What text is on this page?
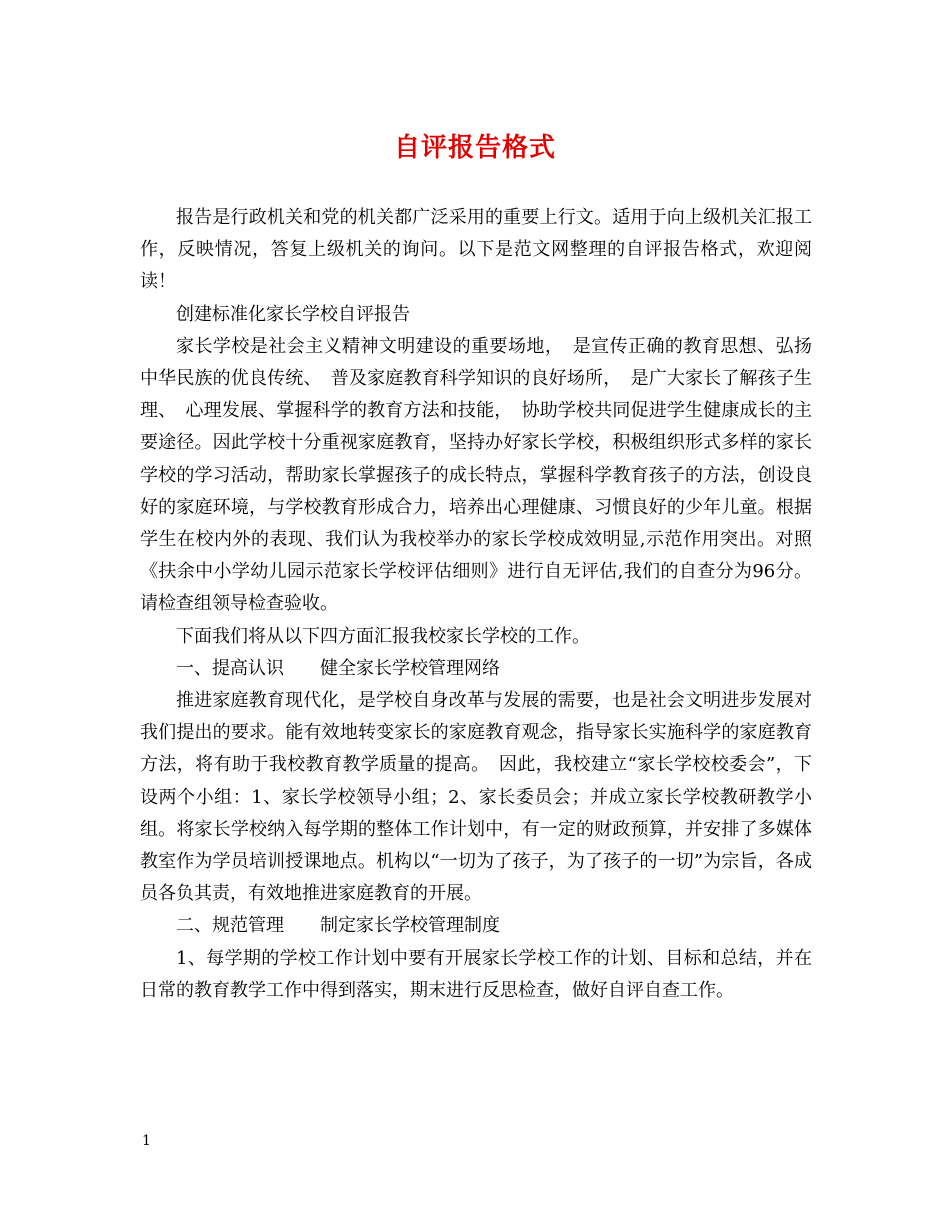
自评报告格式

报告是行政机关和党的机关都广泛采用的重要上行文。适用于向上级机关汇报工作，反映情况，答复上级机关的询问。以下是范文网整理的自评报告格式，欢迎阅读！

创建标准化家长学校自评报告

家长学校是社会主义精神文明建设的重要场地，　是宣传正确的教育思想、弘扬中华民族的优良传统、　普及家庭教育科学知识的良好场所，　是广大家长了解孩子生理、　心理发展、掌握科学的教育方法和技能，　协助学校共同促进学生健康成长的主要途径。因此学校十分重视家庭教育，坚持办好家长学校，积极组织形式多样的家长学校的学习活动，帮助家长掌握孩子的成长特点，掌握科学教育孩子的方法，创设良好的家庭环境，与学校教育形成合力，培养出心理健康、习惯良好的少年儿童。根据学生在校内外的表现、我们认为我校举办的家长学校成效明显,示范作用突出。对照《扶余中小学幼儿园示范家长学校评估细则》进行自无评估,我们的自查分为96分。请检查组领导检查验收。

下面我们将从以下四方面汇报我校家长学校的工作。

一、提高认识　　健全家长学校管理网络

推进家庭教育现代化，是学校自身改革与发展的需要，也是社会文明进步发展对我们提出的要求。能有效地转变家长的家庭教育观念，指导家长实施科学的家庭教育方法，将有助于我校教育教学质量的提高。　因此，我校建立“家长学校校委会”，下设两个小组：1、家长学校领导小组；2、家长委员会；并成立家长学校教研教学小组。将家长学校纳入每学期的整体工作计划中，有一定的财政预算，并安排了多媒体教室作为学员培训授课地点。机构以“一切为了孩子，为了孩子的一切”为宗旨，各成员各负其责，有效地推进家庭教育的开展。

二、规范管理　　制定家长学校管理制度

1、每学期的学校工作计划中要有开展家长学校工作的计划、目标和总结，并在日常的教育教学工作中得到落实，期末进行反思检查，做好自评自查工作。

1
